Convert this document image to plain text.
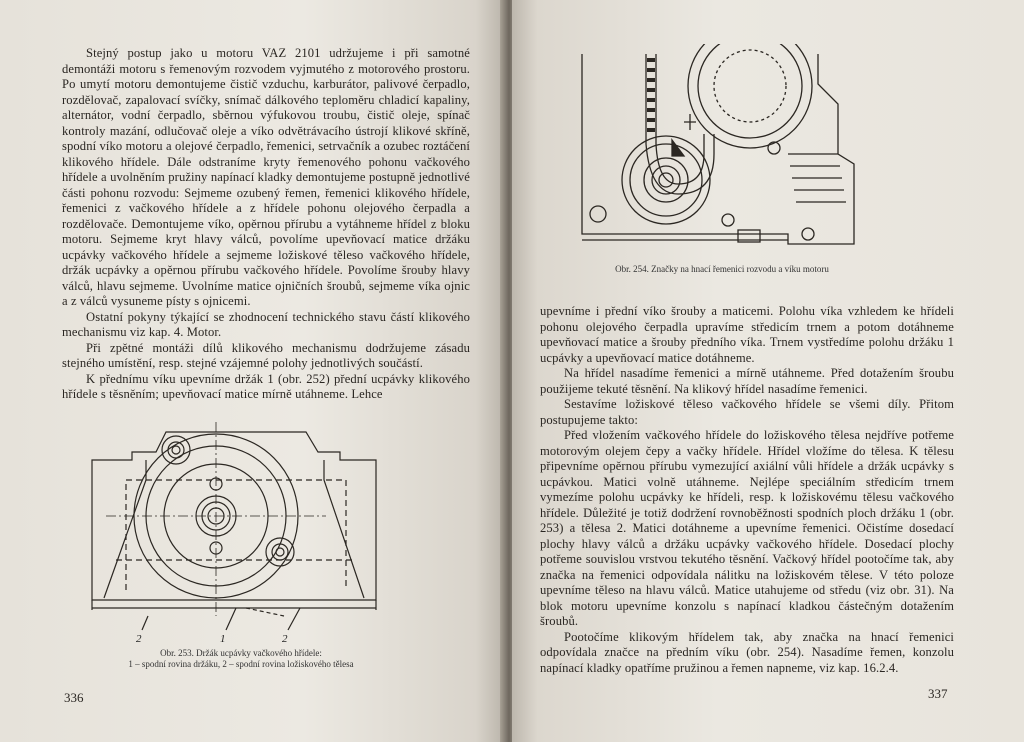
Stejný postup jako u motoru VAZ 2101 udržujeme i při samotné demontáži motoru s řemenovým rozvodem vyjmutého z motorového prostoru. Po umytí motoru demontujeme čistič vzduchu, karburátor, palivové čerpadlo, rozdělovač, zapalovací svíčky, snímač dálkového teploměru chladicí kapaliny, alternátor, vodní čerpadlo, sběrnou výfukovou troubu, čistič oleje, spínač kontroly mazání, odlučovač oleje a víko odvětrávacího ústrojí klikové skříně, spodní víko motoru a olejové čerpadlo, řemenici, setrvačník a ozubec roztáčení klikového hřídele. Dále odstraníme kryty řemenového pohonu vačkového hřídele a uvolněním pružiny napínací kladky demontujeme postupně jednotlivé části pohonu rozvodu: Sejmeme ozubený řemen, řemenici klikového hřídele, řemenici z vačkového hřídele a z hřídele pohonu olejového čerpadla a rozdělovače. Demontujeme víko, opěrnou přírubu a vytáhneme hřídel z bloku motoru. Sejmeme kryt hlavy válců, povolíme upevňovací matice držáku ucpávky vačkového hřídele a sejmeme ložiskové těleso vačkového hřídele, držák ucpávky a opěrnou přírubu vačkového hřídele. Povolíme šrouby hlavy válců, hlavu sejmeme. Uvolníme matice ojničních šroubů, sejmeme víka ojnic a z válců vysuneme písty s ojnicemi.

Ostatní pokyny týkající se zhodnocení technického stavu částí klikového mechanismu viz kap. 4. Motor.

Při zpětné montáži dílů klikového mechanismu dodržujeme zásadu stejného umístění, resp. stejné vzájemné polohy jednotlivých součástí.

K přednímu víku upevníme držák 1 (obr. 252) přední ucpávky klikového hřídele s těsněním; upevňovací matice mírně utáhneme. Lehce

2	1	2
Obr. 253. Držák ucpávky vačkového hřídele:
1 – spodní rovina držáku, 2 – spodní rovina ložiskového tělesa
336
Obr. 254. Značky na hnací řemenici rozvodu a víku motoru

upevníme i přední víko šrouby a maticemi. Polohu víka vzhledem ke hřídeli pohonu olejového čerpadla upravíme středicím trnem a potom dotáhneme upevňovací matice a šrouby předního víka. Trnem vystředíme polohu držáku 1 ucpávky a upevňovací matice dotáhneme.

Na hřídel nasadíme řemenici a mírně utáhneme. Před dotažením šroubu použijeme tekuté těsnění. Na klikový hřídel nasadíme řemenici.

Sestavíme ložiskové těleso vačkového hřídele se všemi díly. Přitom postupujeme takto:

Před vložením vačkového hřídele do ložiskového tělesa nejdříve potřeme motorovým olejem čepy a vačky hřídele. Hřídel vložíme do tělesa. K tělesu připevníme opěrnou přírubu vymezující axiální vůli hřídele a držák ucpávky s ucpávkou. Matici volně utáhneme. Nejlépe speciálním středicím trnem vymezíme polohu ucpávky ke hřídeli, resp. k ložiskovému tělesu vačkového hřídele. Důležité je totiž dodržení rovnoběžnosti spodních ploch držáku 1 (obr. 253) a tělesa 2. Matici dotáhneme a upevníme řemenici. Očistíme dosedací plochy hlavy válců a držáku ucpávky vačkového hřídele. Dosedací plochy potřeme souvislou vrstvou tekutého těsnění. Vačkový hřídel pootočíme tak, aby značka na řemenici odpovídala nálitku na ložiskovém tělese. V této poloze upevníme těleso na hlavu válců. Matice utahujeme od středu (viz obr. 31). Na blok motoru upevníme konzolu s napínací kladkou částečným dotažením šroubů.

Pootočíme klikovým hřídelem tak, aby značka na hnací řemenici odpovídala značce na předním víku (obr. 254). Nasadíme řemen, konzolu napínací kladky opatříme pružinou a řemen napneme, viz kap. 16.2.4.

337
